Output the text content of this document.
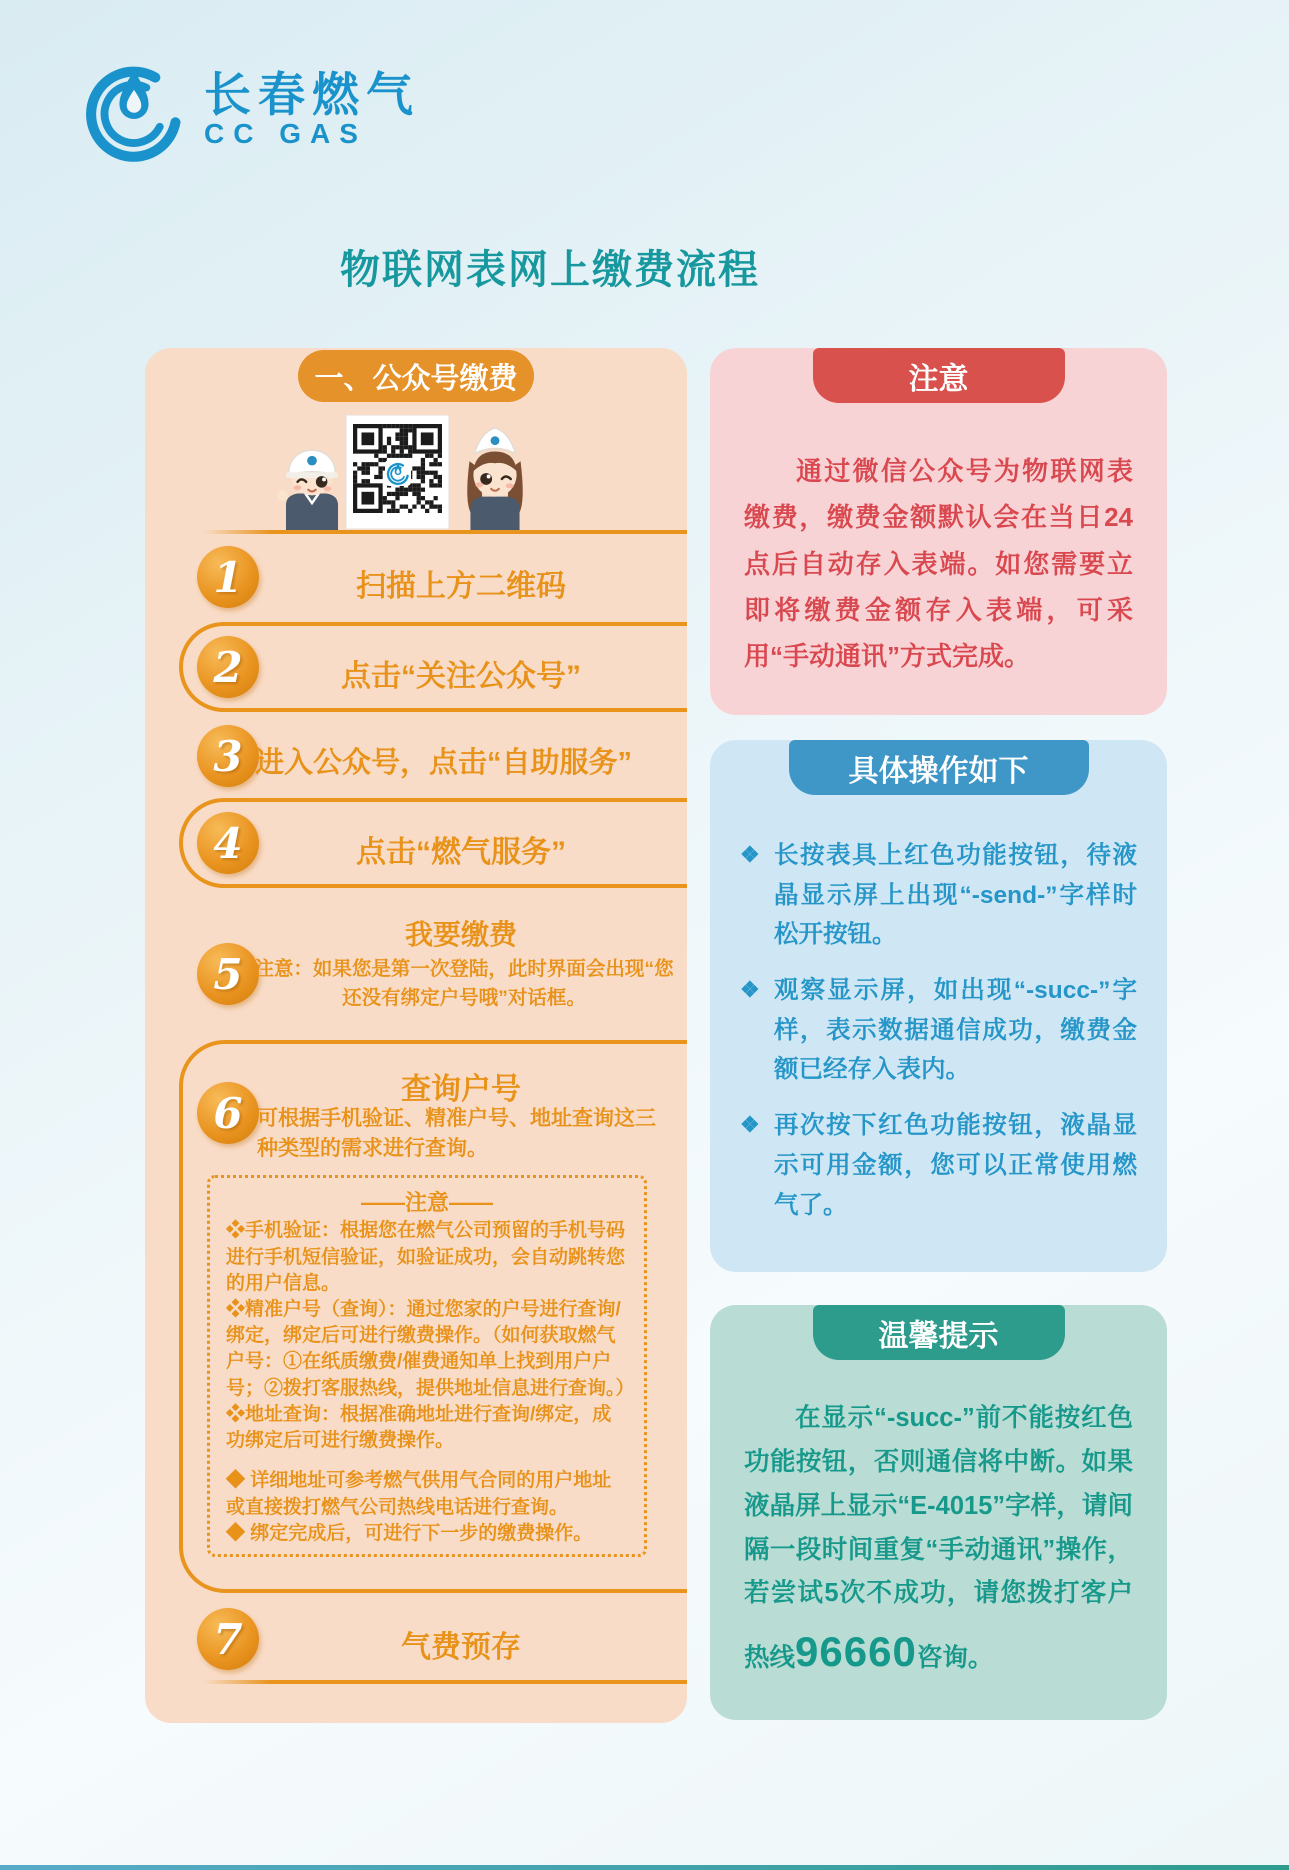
长春燃气
CC GAS
物联网表网上缴费流程
一、公众号缴费
1	扫描上方二维码
2	点击“关注公众号”
3 进入公众号，点击“自助服务”
4	点击“燃气服务”
我要缴费
5 注意：如果您是第一次登陆，此时界面会出现“您还没有绑定户号哦”对话框。
查询户号
6 可根据手机验证、精准户号、地址查询这三种类型的需求进行查询。

——注意——

❖手机验证：根据您在燃气公司预留的手机号码进行手机短信验证，如验证成功，会自动跳转您的用户信息。

❖精准户号（查询）：通过您家的户号进行查询/绑定，绑定后可进行缴费操作。（如何获取燃气户号：①在纸质缴费/催费通知单上找到用户户号；②拨打客服热线，提供地址信息进行查询。）

❖地址查询：根据准确地址进行查询/绑定，成功绑定后可进行缴费操作。

◆ 详细地址可参考燃气供用气合同的用户地址或直接拨打燃气公司热线电话进行查询。

◆ 绑定完成后，可进行下一步的缴费操作。

7	气费预存
注意
通过微信公众号为物联网表缴费，缴费金额默认会在当日24点后自动存入表端。如您需要立即将缴费金额存入表端，可采用“手动通讯”方式完成。
具体操作如下
❖ 长按表具上红色功能按钮，待液晶显示屏上出现“-send-”字样时松开按钮。
❖ 观察显示屏，如出现“-succ-”字样，表示数据通信成功，缴费金额已经存入表内。
❖ 再次按下红色功能按钮，液晶显示可用金额，您可以正常使用燃气了。
温馨提示
在显示“-succ-”前不能按红色功能按钮，否则通信将中断。如果液晶屏上显示“E-4015”字样，请间隔一段时间重复“手动通讯”操作，若尝试5次不成功，请您拨打客户热线96660咨询。
